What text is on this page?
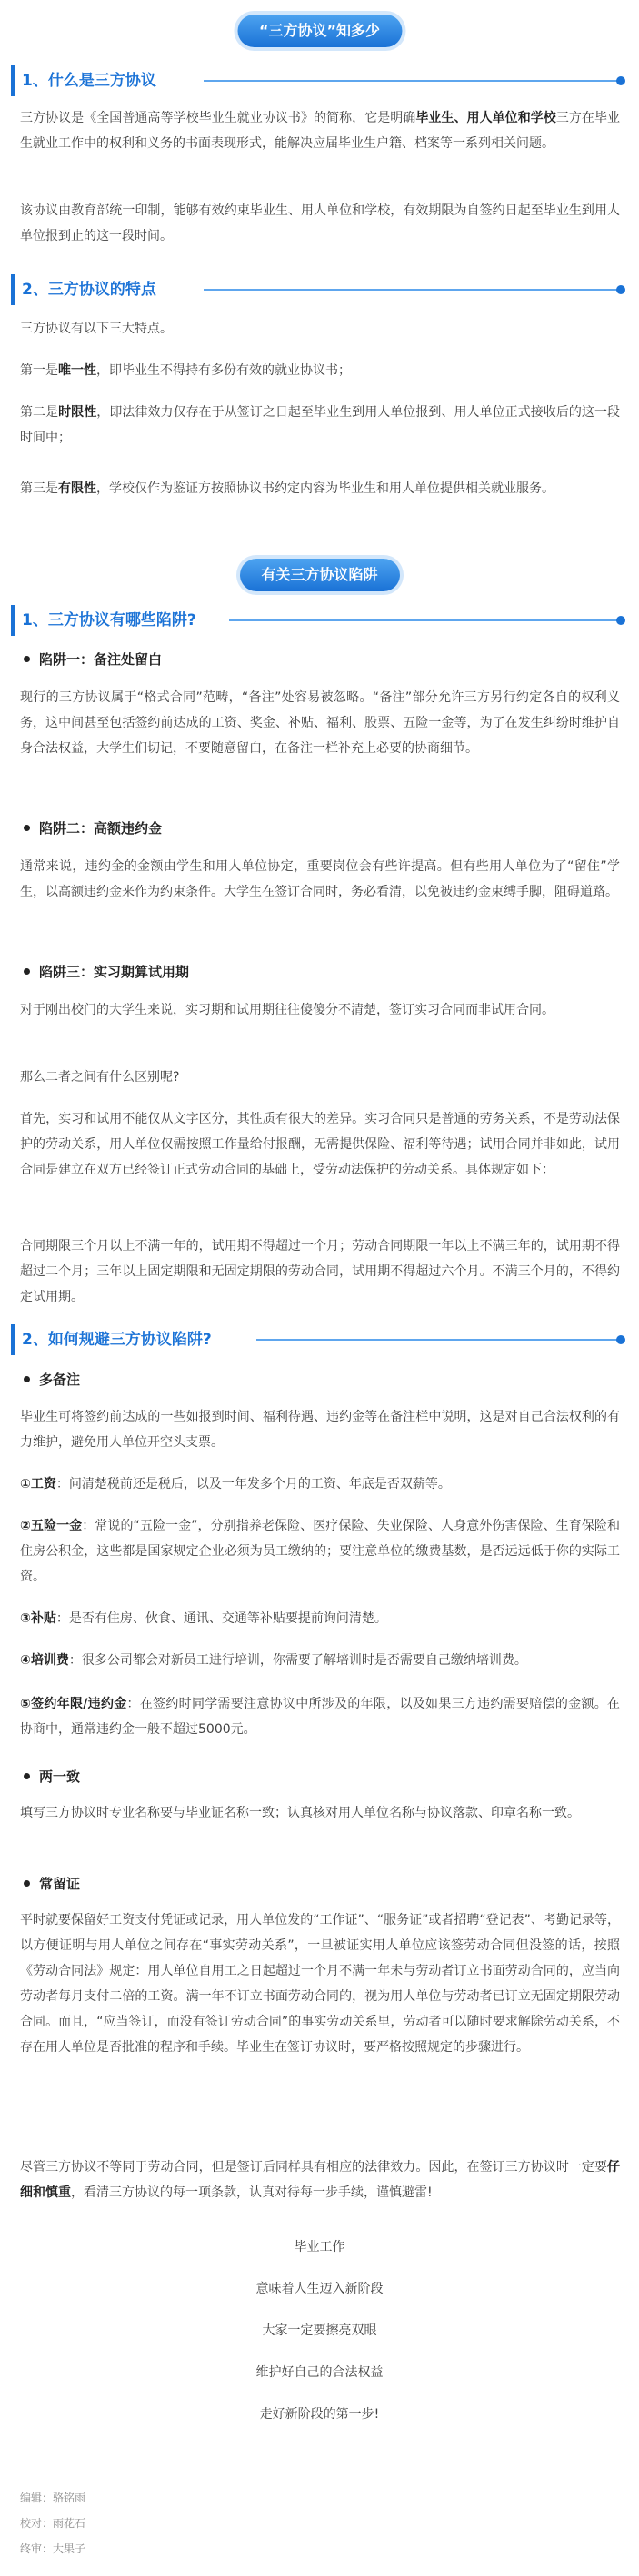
“三方协议”知多少
1、什么是三方协议

三方协议是《全国普通高等学校毕业生就业协议书》的简称，它是明确毕业生、用人单位和学校三方在毕业生就业工作中的权利和义务的书面表现形式，能解决应届毕业生户籍、档案等一系列相关问题。

该协议由教育部统一印制，能够有效约束毕业生、用人单位和学校，有效期限为自签约日起至毕业生到用人单位报到止的这一段时间。

2、三方协议的特点

三方协议有以下三大特点。

第一是唯一性，即毕业生不得持有多份有效的就业协议书；

第二是时限性，即法律效力仅存在于从签订之日起至毕业生到用人单位报到、用人单位正式接收后的这一段时间中；

第三是有限性，学校仅作为鉴证方按照协议书约定内容为毕业生和用人单位提供相关就业服务。

有关三方协议陷阱
1、三方协议有哪些陷阱?
陷阱一：备注处留白

现行的三方协议属于“格式合同”范畴，“备注”处容易被忽略。“备注”部分允许三方另行约定各自的权利义务，这中间甚至包括签约前达成的工资、奖金、补贴、福利、股票、五险一金等，为了在发生纠纷时维护自身合法权益，大学生们切记，不要随意留白，在备注一栏补充上必要的协商细节。

陷阱二：高额违约金

通常来说，违约金的金额由学生和用人单位协定，重要岗位会有些许提高。但有些用人单位为了“留住”学生，以高额违约金来作为约束条件。大学生在签订合同时，务必看清，以免被违约金束缚手脚，阻碍道路。

陷阱三：实习期算试用期

对于刚出校门的大学生来说，实习期和试用期往往傻傻分不清楚，签订实习合同而非试用合同。

那么二者之间有什么区别呢?

首先，实习和试用不能仅从文字区分，其性质有很大的差异。实习合同只是普通的劳务关系，不是劳动法保护的劳动关系，用人单位仅需按照工作量给付报酬，无需提供保险、福利等待遇；试用合同并非如此，试用合同是建立在双方已经签订正式劳动合同的基础上，受劳动法保护的劳动关系。具体规定如下：

合同期限三个月以上不满一年的，试用期不得超过一个月；劳动合同期限一年以上不满三年的，试用期不得超过二个月；三年以上固定期限和无固定期限的劳动合同，试用期不得超过六个月。不满三个月的，不得约定试用期。

2、如何规避三方协议陷阱?
多备注

毕业生可将签约前达成的一些如报到时间、福利待遇、违约金等在备注栏中说明，这是对自己合法权利的有力维护，避免用人单位开空头支票。

①工资：问清楚税前还是税后，以及一年发多个月的工资、年底是否双薪等。

②五险一金：常说的“五险一金”，分别指养老保险、医疗保险、失业保险、人身意外伤害保险、生育保险和住房公积金，这些都是国家规定企业必须为员工缴纳的；要注意单位的缴费基数，是否远远低于你的实际工资。

③补贴：是否有住房、伙食、通讯、交通等补贴要提前询问清楚。

④培训费：很多公司都会对新员工进行培训，你需要了解培训时是否需要自己缴纳培训费。

⑤签约年限/违约金：在签约时同学需要注意协议中所涉及的年限，以及如果三方违约需要赔偿的金额。在协商中，通常违约金一般不超过5000元。

两一致

填写三方协议时专业名称要与毕业证名称一致；认真核对用人单位名称与协议落款、印章名称一致。

常留证

平时就要保留好工资支付凭证或记录，用人单位发的“工作证”、“服务证”或者招聘“登记表”、考勤记录等，以方便证明与用人单位之间存在“事实劳动关系”，一旦被证实用人单位应该签劳动合同但没签的话，按照《劳动合同法》规定：用人单位自用工之日起超过一个月不满一年未与劳动者订立书面劳动合同的，应当向劳动者每月支付二倍的工资。满一年不订立书面劳动合同的，视为用人单位与劳动者已订立无固定期限劳动合同。而且，“应当签订，而没有签订劳动合同”的事实劳动关系里，劳动者可以随时要求解除劳动关系，不存在用人单位是否批准的程序和手续。毕业生在签订协议时，要严格按照规定的步骤进行。

尽管三方协议不等同于劳动合同，但是签订后同样具有相应的法律效力。因此，在签订三方协议时一定要仔细和慎重，看清三方协议的每一项条款，认真对待每一步手续，谨慎避雷!

毕业工作
意味着人生迈入新阶段
大家一定要擦亮双眼
维护好自己的合法权益
走好新阶段的第一步!
编辑：骆铭雨
校对：雨花石
终审：大果子
